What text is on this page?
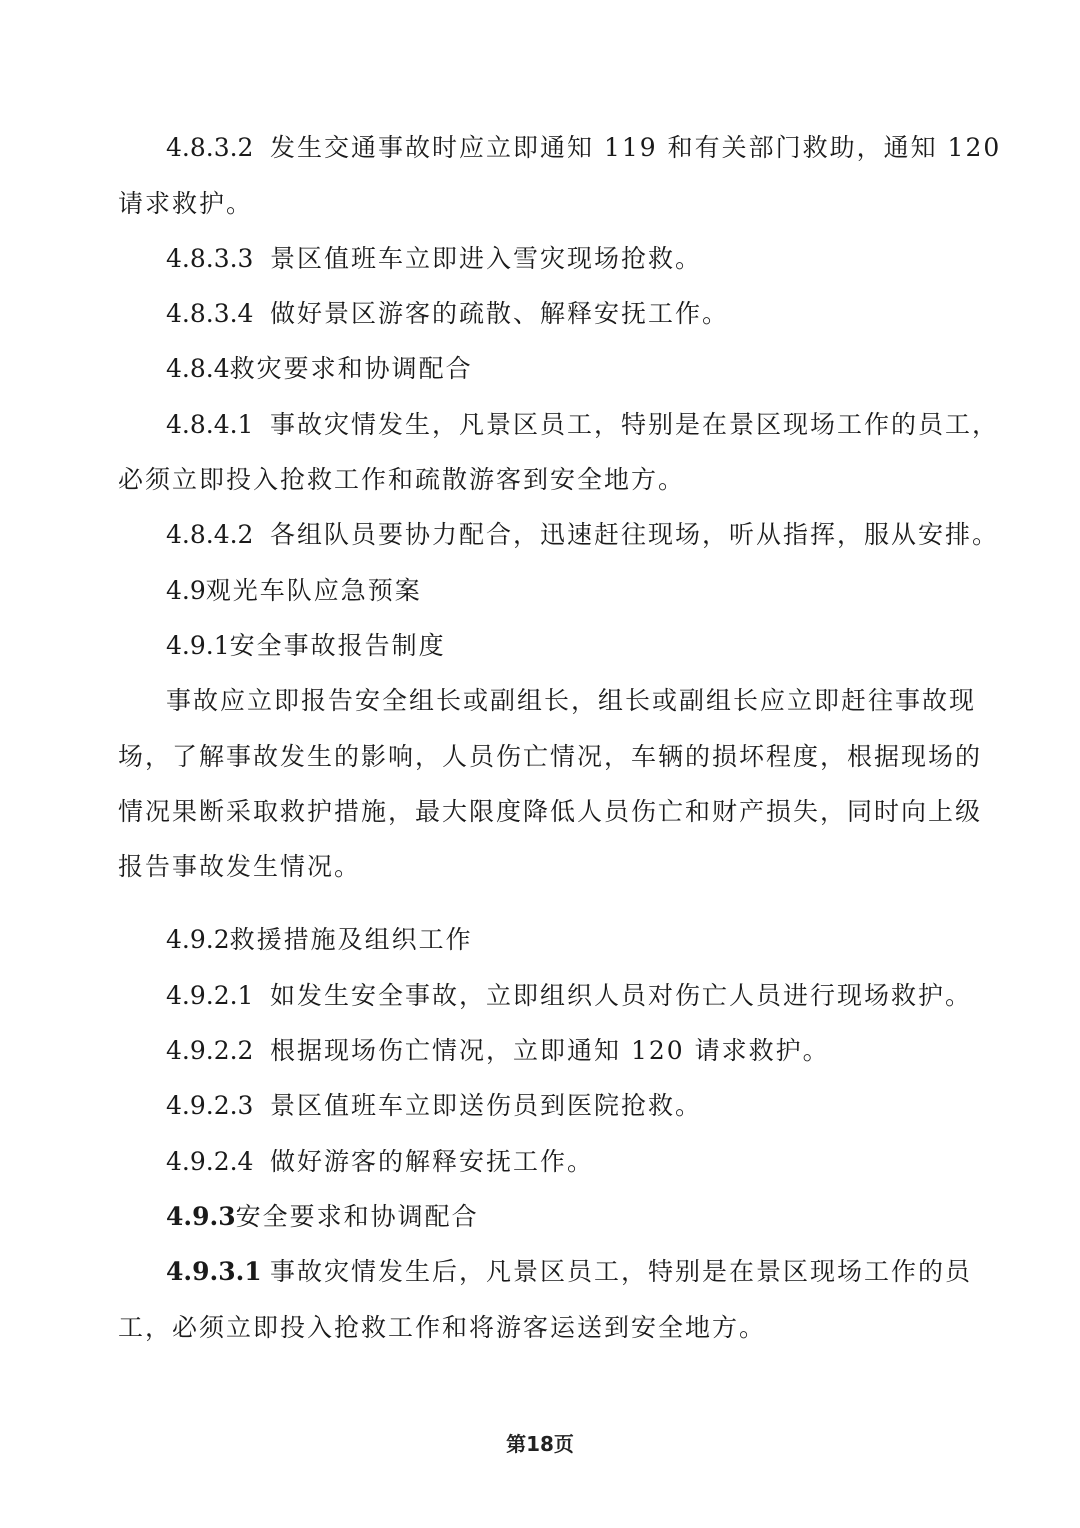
4.8.3.2 发生交通事故时应立即通知 119 和有关部门救助，通知 120
请求救护。
4.8.3.3 景区值班车立即进入雪灾现场抢救。
4.8.3.4 做好景区游客的疏散、解释安抚工作。
4.8.4救灾要求和协调配合
4.8.4.1 事故灾情发生，凡景区员工，特别是在景区现场工作的员工，
必须立即投入抢救工作和疏散游客到安全地方。
4.8.4.2 各组队员要协力配合，迅速赶往现场，听从指挥，服从安排。
4.9观光车队应急预案
4.9.1安全事故报告制度
事故应立即报告安全组长或副组长，组长或副组长应立即赶往事故现
场，了解事故发生的影响，人员伤亡情况，车辆的损坏程度，根据现场的
情况果断采取救护措施，最大限度降低人员伤亡和财产损失，同时向上级
报告事故发生情况。
4.9.2救援措施及组织工作
4.9.2.1 如发生安全事故，立即组织人员对伤亡人员进行现场救护。
4.9.2.2 根据现场伤亡情况，立即通知 120 请求救护。
4.9.2.3 景区值班车立即送伤员到医院抢救。
4.9.2.4 做好游客的解释安抚工作。
4.9.3安全要求和协调配合
4.9.3.1 事故灾情发生后，凡景区员工，特别是在景区现场工作的员
工，必须立即投入抢救工作和将游客运送到安全地方。
第18页
